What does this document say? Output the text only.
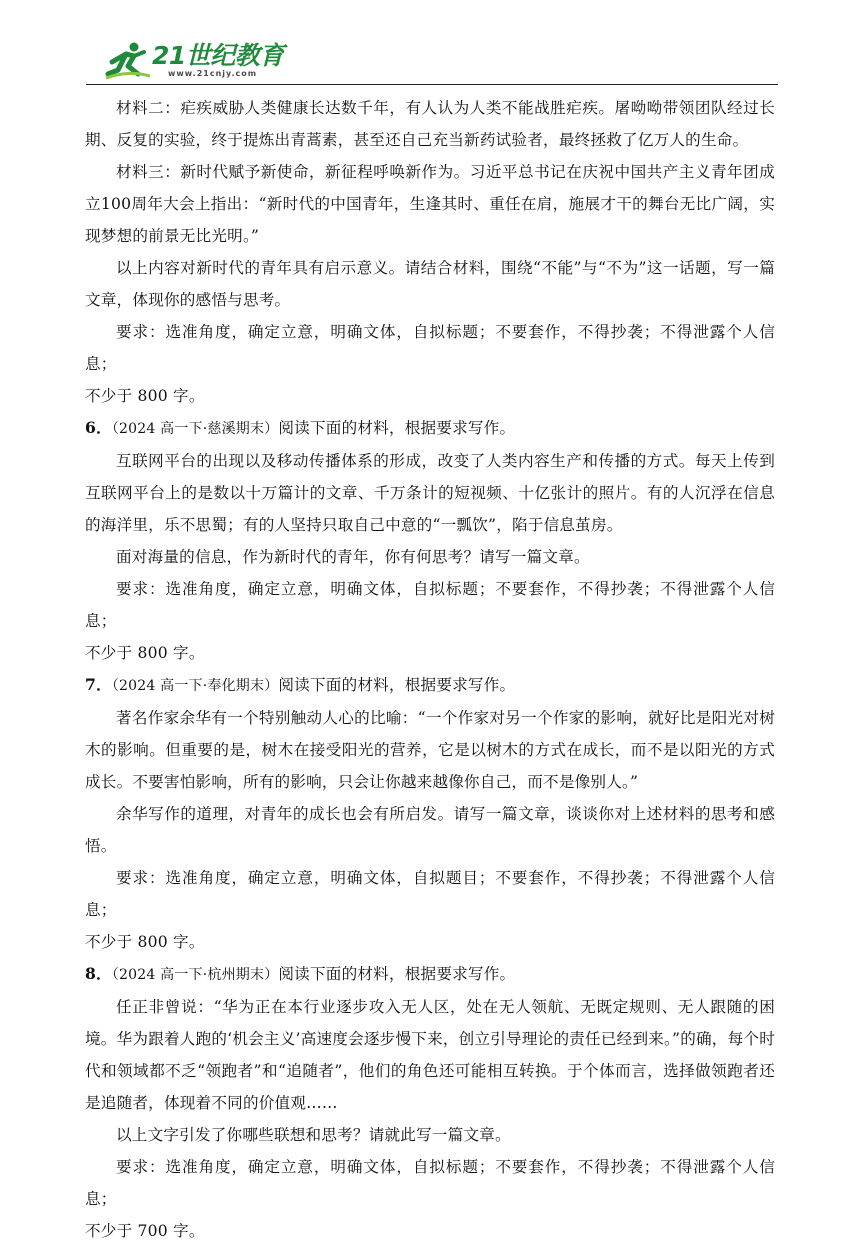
21世纪教育
www.21cnjy.com

材料二：疟疾威胁人类健康长达数千年，有人认为人类不能战胜疟疾。屠呦呦带领团队经过长期、反复的实验，终于提炼出青蒿素，甚至还自己充当新药试验者，最终拯救了亿万人的生命。

材料三：新时代赋予新使命，新征程呼唤新作为。习近平总书记在庆祝中国共产主义青年团成立100周年大会上指出：“新时代的中国青年，生逢其时、重任在肩，施展才干的舞台无比广阔，实现梦想的前景无比光明。”

以上内容对新时代的青年具有启示意义。请结合材料，围绕“不能”与“不为”这一话题，写一篇文章，体现你的感悟与思考。

要求：选准角度，确定立意，明确文体，自拟标题；不要套作，不得抄袭；不得泄露个人信息；

不少于 800 字。

6．（2024 高一下·慈溪期末）阅读下面的材料，根据要求写作。

互联网平台的出现以及移动传播体系的形成，改变了人类内容生产和传播的方式。每天上传到互联网平台上的是数以十万篇计的文章、千万条计的短视频、十亿张计的照片。有的人沉浮在信息的海洋里，乐不思蜀；有的人坚持只取自己中意的“一瓢饮”，陷于信息茧房。

面对海量的信息，作为新时代的青年，你有何思考？请写一篇文章。

要求：选准角度，确定立意，明确文体，自拟标题；不要套作，不得抄袭；不得泄露个人信息；

不少于 800 字。

7．（2024 高一下·奉化期末）阅读下面的材料，根据要求写作。

著名作家余华有一个特别触动人心的比喻：“一个作家对另一个作家的影响，就好比是阳光对树木的影响。但重要的是，树木在接受阳光的营养，它是以树木的方式在成长，而不是以阳光的方式成长。不要害怕影响，所有的影响，只会让你越来越像你自己，而不是像别人。”

余华写作的道理，对青年的成长也会有所启发。请写一篇文章，谈谈你对上述材料的思考和感悟。

要求：选准角度，确定立意，明确文体，自拟题目；不要套作，不得抄袭；不得泄露个人信息；

不少于 800 字。

8．（2024 高一下·杭州期末）阅读下面的材料，根据要求写作。

任正非曾说：“华为正在本行业逐步攻入无人区，处在无人领航、无既定规则、无人跟随的困境。华为跟着人跑的‘机会主义’高速度会逐步慢下来，创立引导理论的责任已经到来。”的确，每个时代和领域都不乏“领跑者”和“追随者”，他们的角色还可能相互转换。于个体而言，选择做领跑者还是追随者，体现着不同的价值观……

以上文字引发了你哪些联想和思考？请就此写一篇文章。

要求：选准角度，确定立意，明确文体，自拟标题；不要套作，不得抄袭；不得泄露个人信息；

不少于 700 字。
